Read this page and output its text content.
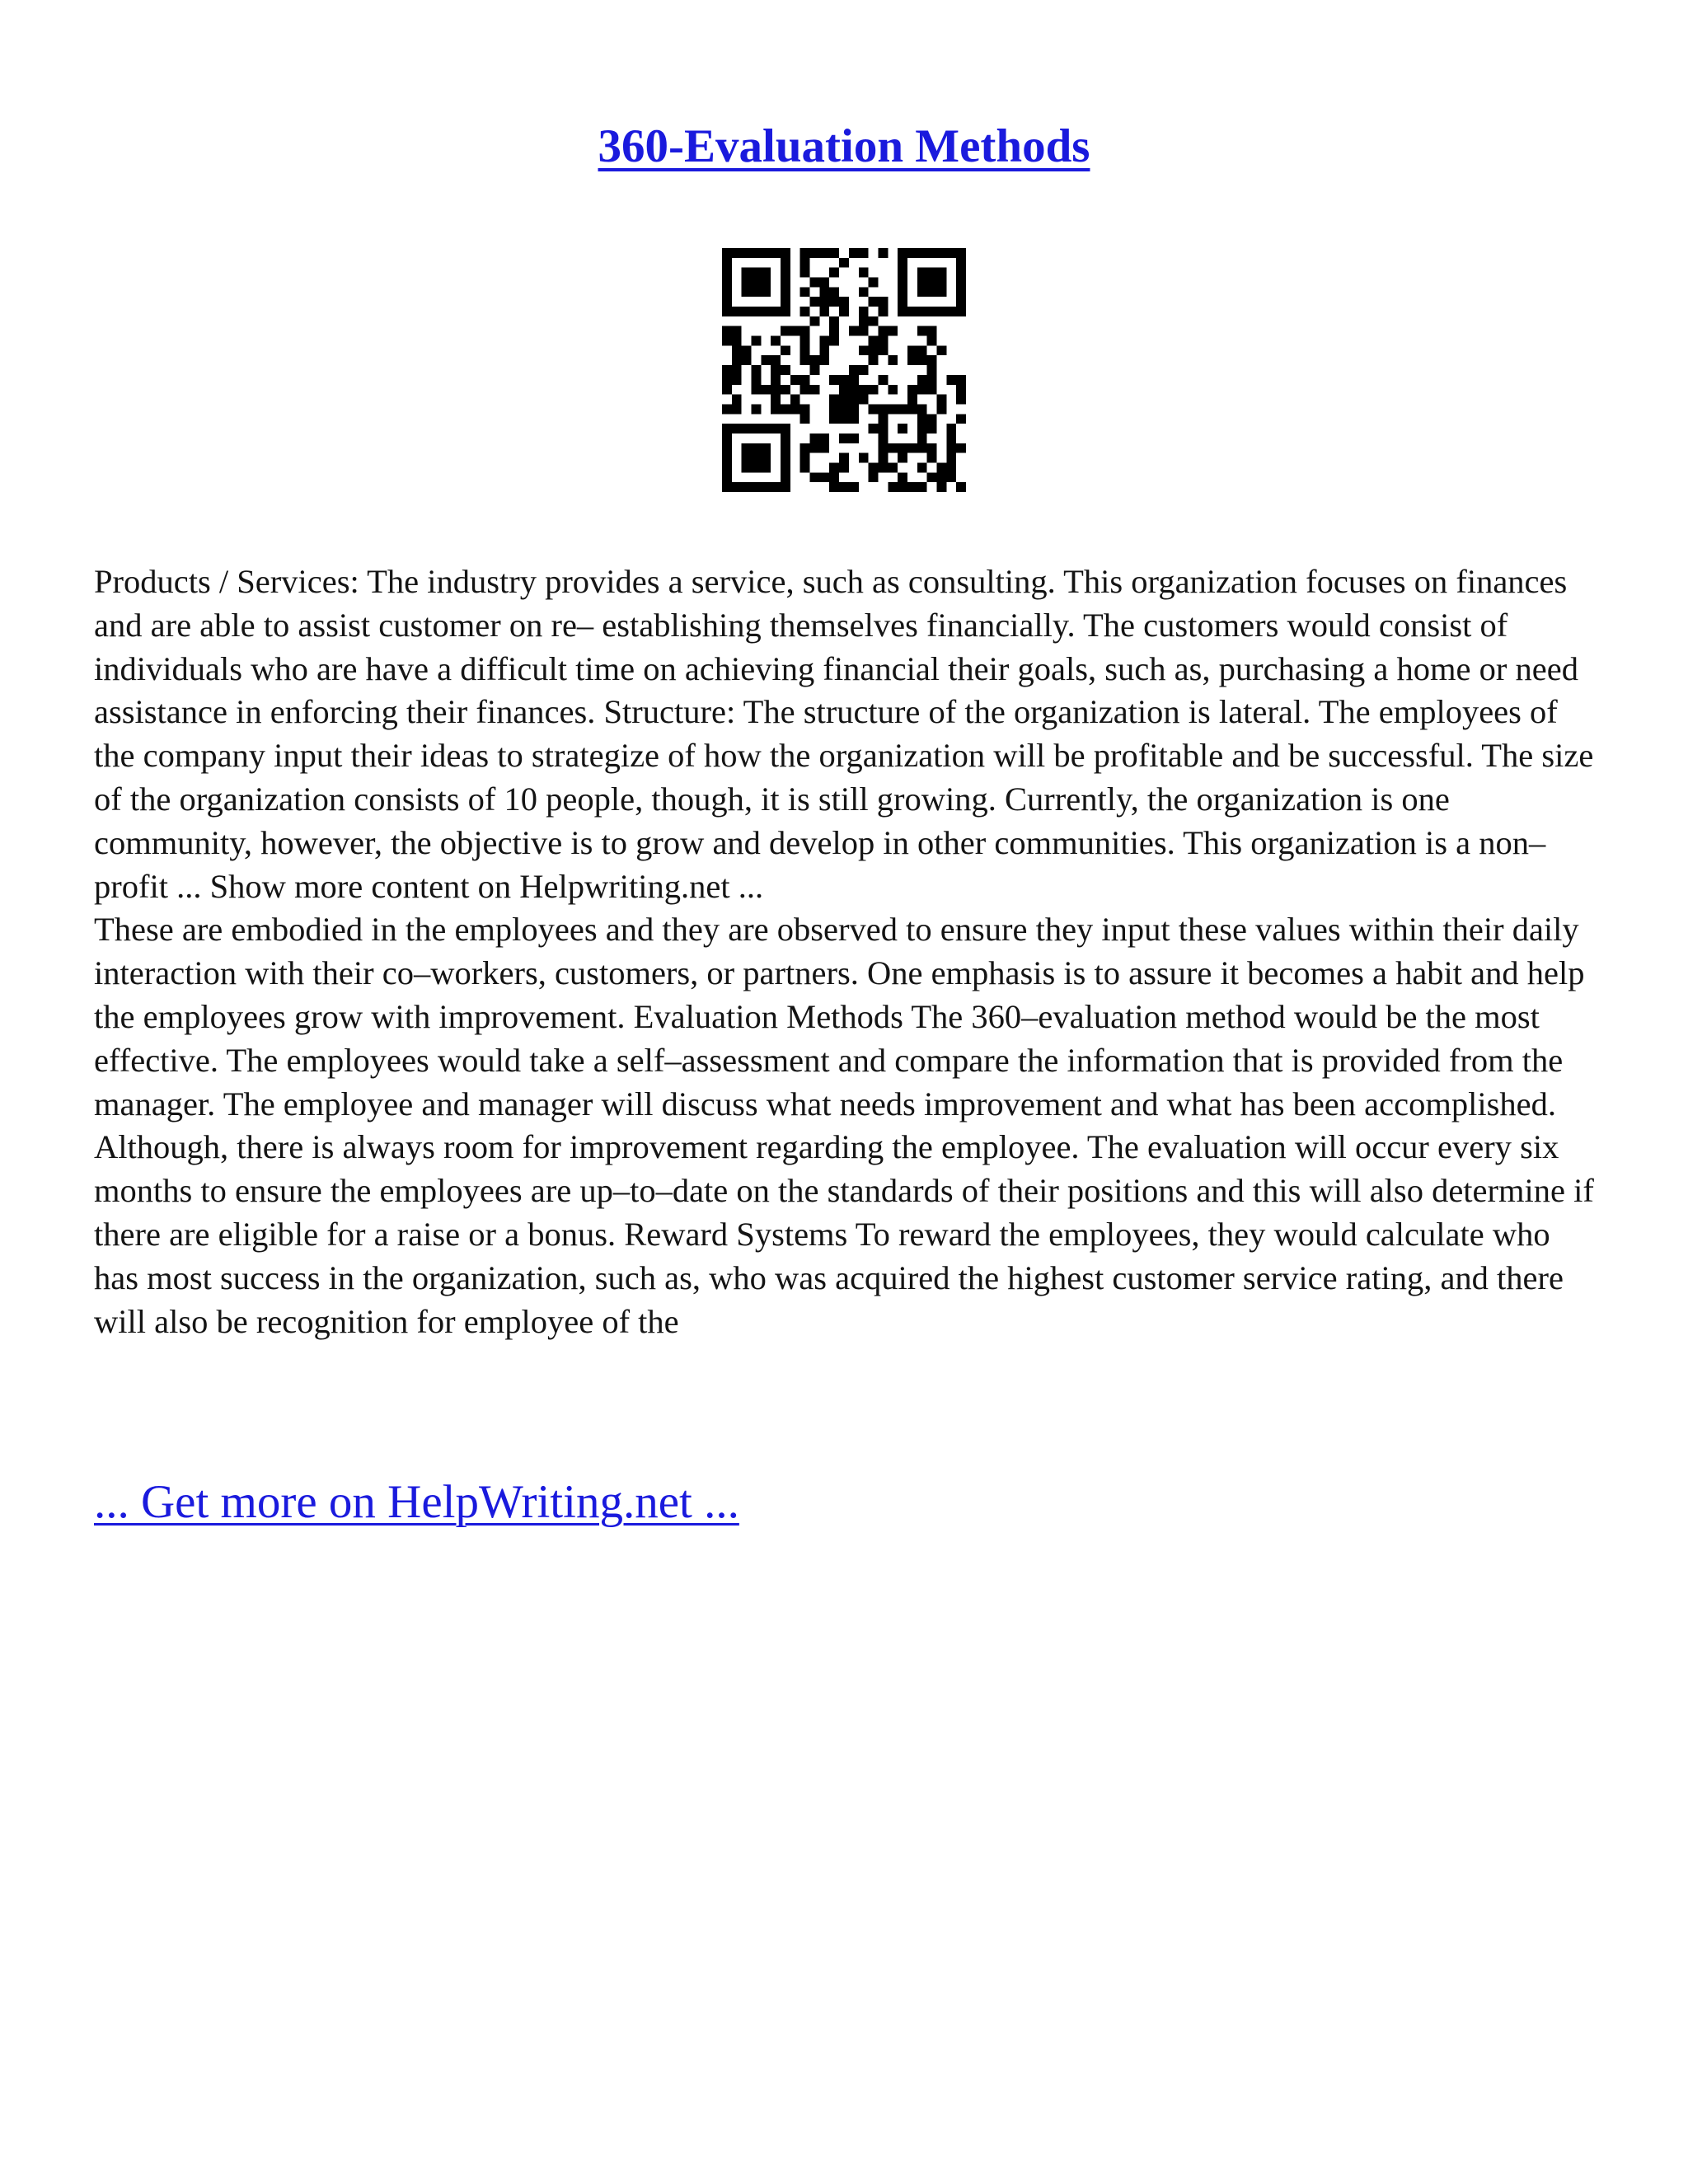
360-Evaluation Methods

Products / Services: The industry provides a service, such as consulting. This organization focuses on finances and are able to assist customer on re– establishing themselves financially. The customers would consist of individuals who are have a difficult time on achieving financial their goals, such as, purchasing a home or need assistance in enforcing their finances. Structure: The structure of the organization is lateral. The employees of the company input their ideas to strategize of how the organization will be profitable and be successful. The size of the organization consists of 10 people, though, it is still growing. Currently, the organization is one community, however, the objective is to grow and develop in other communities. This organization is a non–profit ... Show more content on Helpwriting.net ...

These are embodied in the employees and they are observed to ensure they input these values within their daily interaction with their co–workers, customers, or partners. One emphasis is to assure it becomes a habit and help the employees grow with improvement. Evaluation Methods The 360–evaluation method would be the most effective. The employees would take a self–assessment and compare the information that is provided from the manager. The employee and manager will discuss what needs improvement and what has been accomplished. Although, there is always room for improvement regarding the employee. The evaluation will occur every six months to ensure the employees are up–to–date on the standards of their positions and this will also determine if there are eligible for a raise or a bonus. Reward Systems To reward the employees, they would calculate who has most success in the organization, such as, who was acquired the highest customer service rating, and there will also be recognition for employee of the

... Get more on HelpWriting.net ...
